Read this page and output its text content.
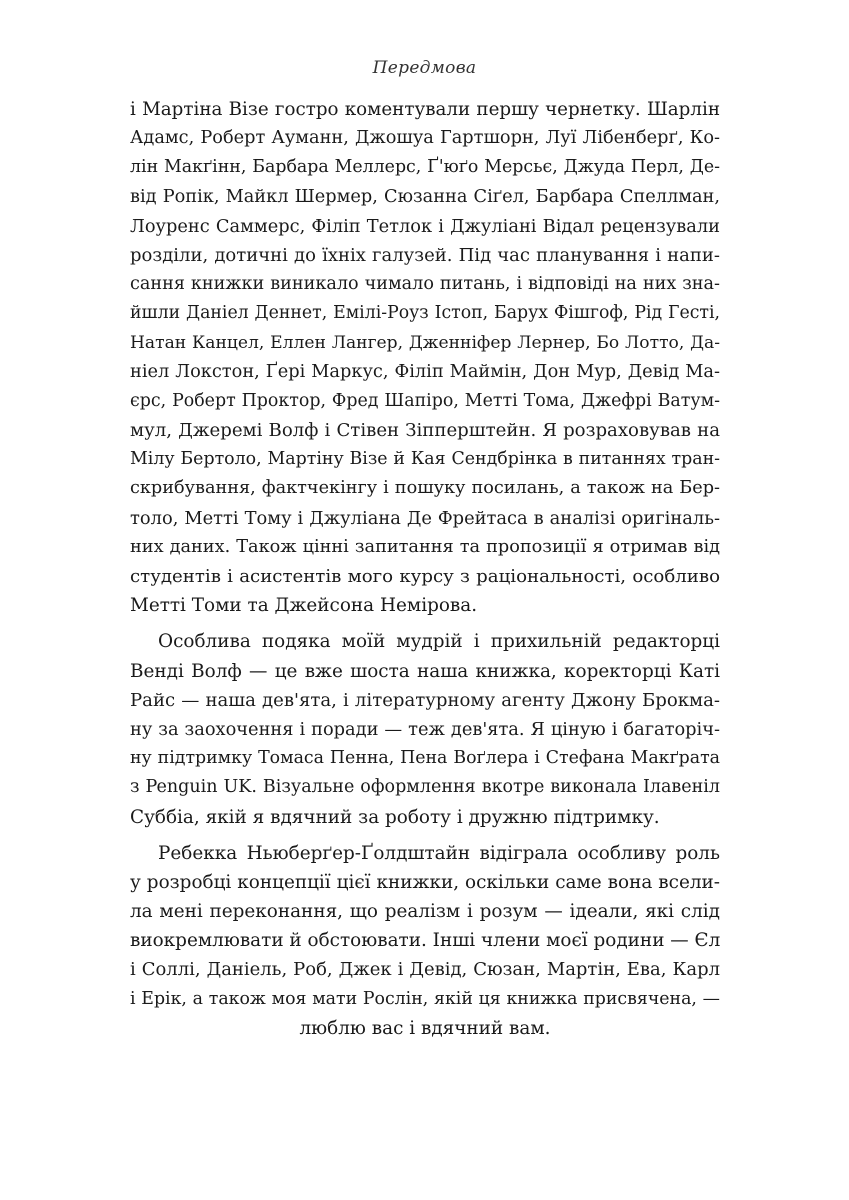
Передмова
і Мартіна Візе гостро коментували першу чернетку. Шарлін
Адамс, Роберт Ауманн, Джошуа Гартшорн, Луї Лібенберґ, Ко-
лін Макґінн, Барбара Меллерс, Ґ'юґо Мерсьє, Джуда Перл, Де-
від Ропік, Майкл Шермер, Сюзанна Сіґел, Барбара Спеллман,
Лоуренс Саммерс, Філіп Тетлок і Джуліані Відал рецензували
розділи, дотичні до їхніх галузей. Під час планування і напи-
сання книжки виникало чимало питань, і відповіді на них зна-
йшли Даніел Деннет, Емілі-Роуз Істоп, Барух Фішгоф, Рід Гесті,
Натан Канцел, Еллен Лангер, Дженніфер Лернер, Бо Лотто, Да-
ніел Локстон, Ґері Маркус, Філіп Маймін, Дон Мур, Девід Ма-
єрс, Роберт Проктор, Фред Шапіро, Метті Тома, Джефрі Ватум-
мул, Джеремі Волф і Стівен Зіпперштейн. Я розраховував на
Мілу Бертоло, Мартіну Візе й Кая Сендбрінка в питаннях тран-
скрибування, фактчекінгу і пошуку посилань, а також на Бер-
толо, Метті Тому і Джуліана Де Фрейтаса в аналізі оригіналь-
них даних. Також цінні запитання та пропозиції я отримав від
студентів і асистентів мого курсу з раціональності, особливо
Метті Томи та Джейсона Немірова.
Особлива подяка моїй мудрій і прихильній редакторці
Венді Волф — це вже шоста наша книжка, коректорці Каті
Райс — наша дев'ята, і літературному агенту Джону Брокма-
ну за заохочення і поради — теж дев'ята. Я ціную і багаторіч-
ну підтримку Томаса Пенна, Пена Воґлера і Стефана Макґрата
з Penguin UK. Візуальне оформлення вкотре виконала Ілавеніл
Суббіа, якій я вдячний за роботу і дружню підтримку.
Ребекка Ньюберґер-Ґолдштайн відіграла особливу роль
у розробці концепції цієї книжки, оскільки саме вона всели-
ла мені переконання, що реалізм і розум — ідеали, які слід
виокремлювати й обстоювати. Інші члени моєї родини — Єл
і Соллі, Даніель, Роб, Джек і Девід, Сюзан, Мартін, Ева, Карл
і Ерік, а також моя мати Рослін, якій ця книжка присвячена, —
люблю вас і вдячний вам.
